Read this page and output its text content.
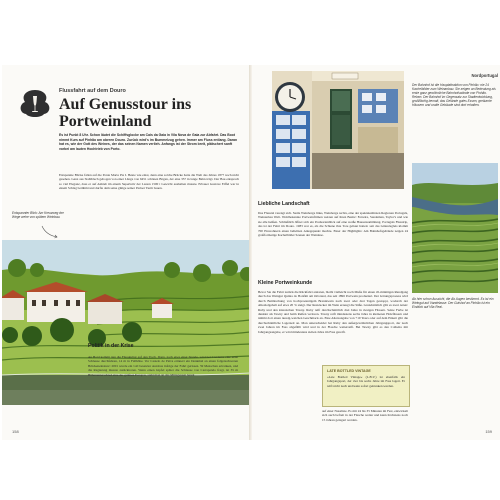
Flussfahrt auf dem Douro
Auf Genusstour ins Portweinland
Es ist Punkt 8 Uhr. Schon läutet die Schiffsglocke am Cais da Gaia in Vila Nova de Gaia zur Abfahrt. Das Boot nimmt Kurs auf Pinhão am oberen Douro. Zurück wird's im Bummelzug gehen. Immer am Fluss entlang. Daran hat es, wie der Gott des Weines, der das seinen Namen verlieh. Anfangs ist der Strom breit, plätschert sanft vorbei am lauten Hochtrieb von Porto.
Entspannte Blicke fallen auf die Ponte Maria Pia I. Heute wie einst, denn eine solche Brücke hatte die Welt des Jahres 1877 noch nicht gesehen. Ganz aus Stahlblech gebogen von einer Länge von 6451 schönen Bögen, der eine 357 in lange Bahn trägt. Der Bau entsprach so viel Eleganz, dass er auf Anhieb im einem Superlativ der Lasten 1500 t Gewicht aushalten musste. Erbauer Gustave Eiffel war in einem Schlag berühmt und durfte dem seine gütige seiner Pariser Turm bauen.
Entspannter Blick: Am Kreuzweg der Wege wehe von spätem Weinbau.
Politik in der Krise
An Bord kommt nun die Flusskultur auf den Tisch. Dann, nach etwa einer Stunde, wird bei Crestuma eine erste Schleuse durchfahren, 14 m in Fallhöhe. Vor Castelo de Paiva erinnert ein Denkmal an einen folgenschweren Brückeneinsturz: 2001 wurde ein voll besetzter Autobus infolge der Fahrt gerissen. 59 Menschen ertranken, und die Regierung musste zurücktreten. Wenn einen Gipfel später die Schleuse von Carrapatelo fragt, ist 35 m Höhenunterschied eine der größten Europas, steht man an das Mittagessen bereit.
158
Nordportugal
Der Bahnhof ist die Hauptattraktion von Pinhão: nie 24 Kachelbilder zum Weinanbau. Sie zeigen an Bedeutung als erste ganz gewöhnliche Bahnhofswände von Pinhão. Reben. Der Bahnhof im Gegensatz zur Stadtentwicklung, großflächig bemalt, das Gelände gutes Essen, geräumte Häusern und uralte Gebäude sind dort erhalten.
Liebliche Landschaft
Das Flusstal verengt sich. Steile Weinberge links, Weinberge rechts, eine der spektakulärsten Regionen Portugals, Weinanbau Welt. Wohlbekannte Portweinfirmen wetzen auf ihren Besitz: Ferreira, Sandeman, Taylor's und wie sie alle heißen. Schließlich öffnet sich ein Postkartenblick auf eine weiße Hausansammlung. Portugals Flusstrip, das ist der Fahrt im Douro. 1983 war es, als die Schiene ihre Tore gebaut hatten: seit das Güterzugleis klomm 700 Einwohnern einen beliebten Anlegepunkt machte. Einer der Highlights: Am Bahnhofsgebäude zeigen 24 großformatige Kachelbilder Szenen der Weinlese.
Kleine Portweinkunde
Bevor Sie die Fahrt zurück die Rückfahrt antreten, bleibt vielleicht noch Muße für einen 45-minütigen Rundgang durch das Weingut Quinta do Bonfim am Ortsrand, das seit 1896 Portwein produziert. Der Gärungsprozess wird durch Beimischung von hochprozentigem Branntwein nach zwei oder drei Tagen gestoppt, wodurch der Alkoholgehalt auf etwa 20 % steigt. Der Restzucker im Wein erzeugt die Süße. Grundsätzlich gibt es zwei Arten: Ruby und den klassischen Tawny. Ruby reift durchschnittlich drei Jahre in riesigen Fässern. Seine Farbe ist dunkler als Tawny und beim Reifen verloren. Tawny reift mindestens sechs Jahre in kleineren Holzfässern und nimmt dort einen nussig-weichen Geschmack an. Eine Altersangabe von +10 Years oder auf dem Etikett gibt die durchschnittliche Lagerzeit an. Man unterscheidet bei Ruby den außergewöhnlichen Jahrgangsport, der nach zwei Jahren im Fass abgefüllt wird und in der Flasche weiterreift. Bei Tawny gibt es den Colheita mit Jahrgangsangabe, er wird mindestens sieben Jahre im Fass gereift.
LATE BOTTLED VINTAGE
»Late Bottled Vintage« (L.B.V.) ist ebenfalls ein Jahrgangsport, der vier bis sechs Jahre im Fass lagert. Er reift nicht nach und kann sofort getrunken werden.
Ab hier schon Aussicht, die Ab Augen bestimmt. Es ist ein Weingut auf Vandelasse. Der Gutshof an Pinhão ist ein Einblick auf Vila Real.
auf einer Nussliste. Es mit 24 bis 35 Minuten im Fest, entwickelt sich auch befreit in der Flasche weiter und kann höchstens noch 15 Jahren gelagert werden.
159
